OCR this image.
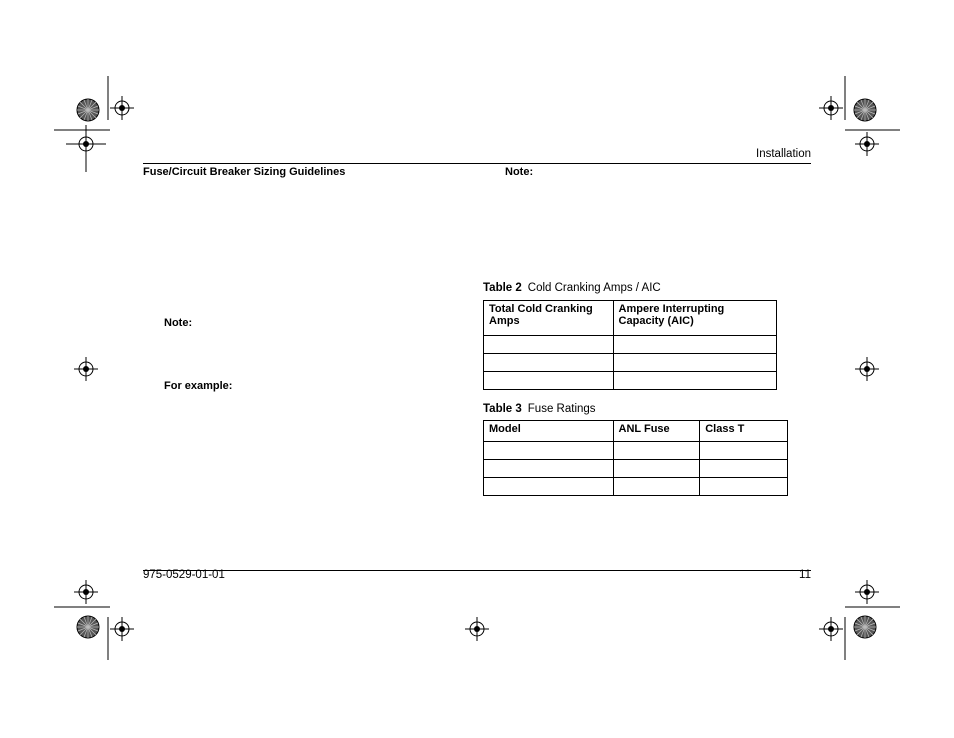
Installation
Fuse/Circuit Breaker Sizing Guidelines
Note:
For example:
Note:
Table 2 Cold Cranking Amps / AIC
Total Cold Cranking Amps	Ampere Interrupting Capacity (AIC)

Table 3 Fuse Ratings
Model	ANL Fuse	Class T

975-0529-01-01	11
